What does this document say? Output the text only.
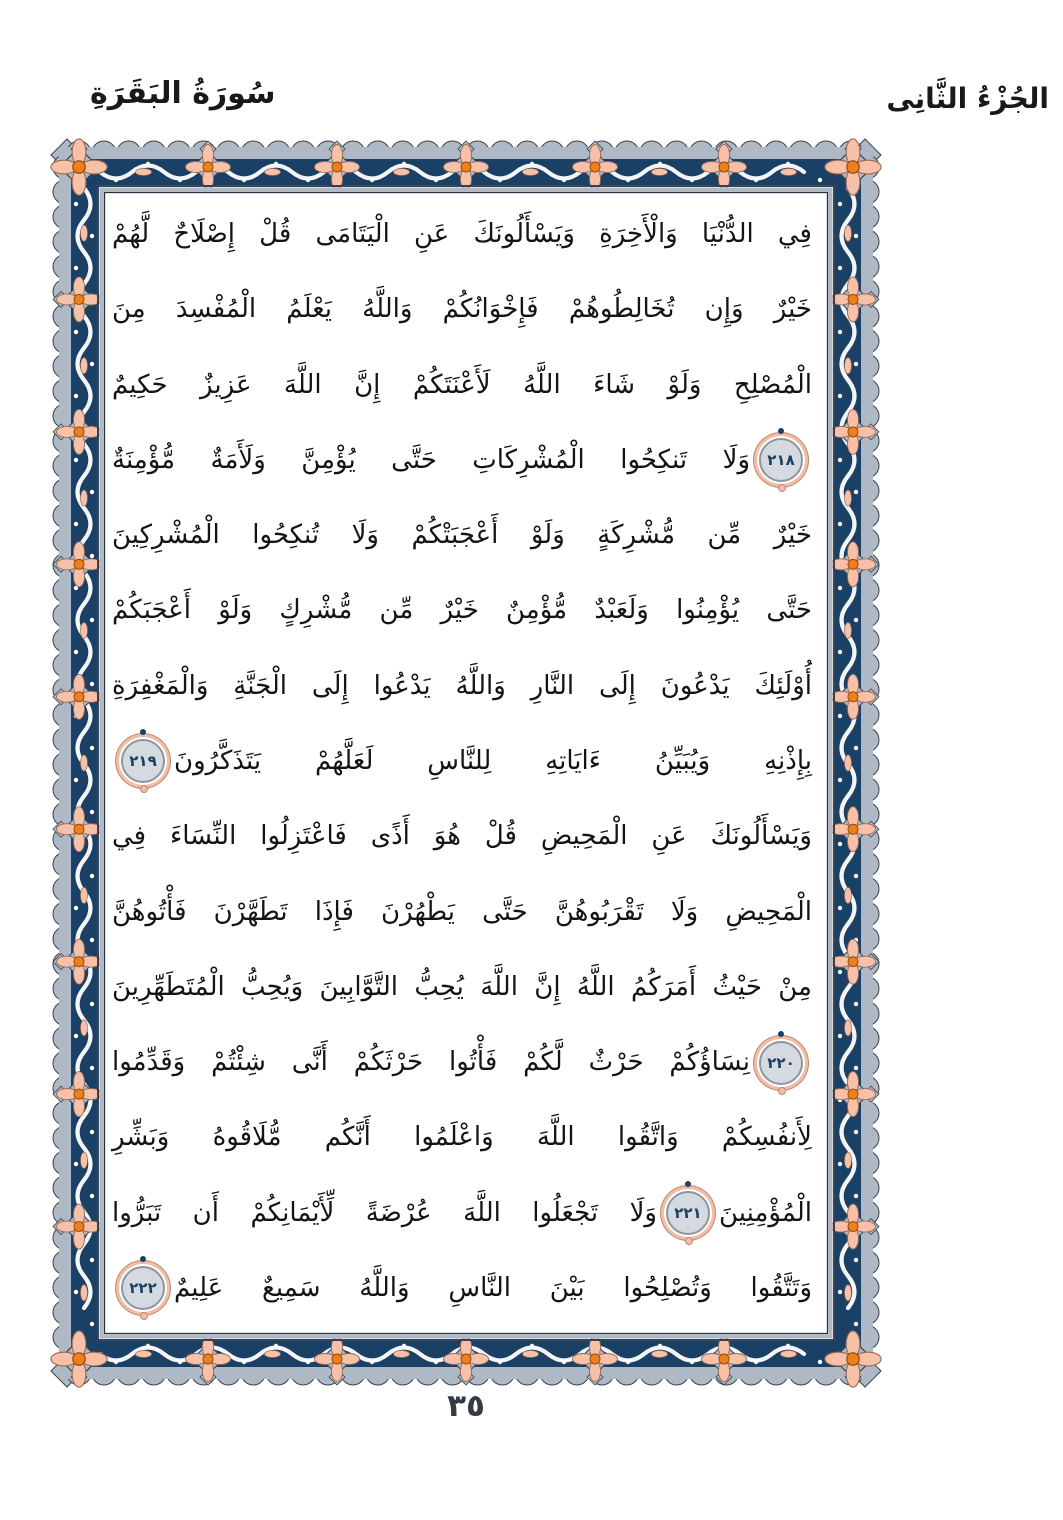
سُورَةُ البَقَرَةِ	الجُزْءُ الثَّانِى
فِي الدُّنْيَا وَالْأَخِرَةِ وَيَسْأَلُونَكَ عَنِ الْيَتَامَى قُلْ إِصْلَاحٌ لَّهُمْ
خَيْرٌ وَإِن تُخَالِطُوهُمْ فَإِخْوَانُكُمْ وَاللَّهُ يَعْلَمُ الْمُفْسِدَ مِنَ
الْمُصْلِحِ وَلَوْ شَاءَ اللَّهُ لَأَعْنَتَكُمْ إِنَّ اللَّهَ عَزِيزٌ حَكِيمٌ
٢١٨
وَلَا تَنكِحُوا الْمُشْرِكَاتِ حَتَّى يُؤْمِنَّ وَلَأَمَةٌ مُّؤْمِنَةٌ
خَيْرٌ مِّن مُّشْرِكَةٍ وَلَوْ أَعْجَبَتْكُمْ وَلَا تُنكِحُوا الْمُشْرِكِينَ
حَتَّى يُؤْمِنُوا وَلَعَبْدٌ مُّؤْمِنٌ خَيْرٌ مِّن مُّشْرِكٍ وَلَوْ أَعْجَبَكُمْ
أُوْلَئِكَ يَدْعُونَ إِلَى النَّارِ وَاللَّهُ يَدْعُوا إِلَى الْجَنَّةِ وَالْمَغْفِرَةِ
بِإِذْنِهِ وَيُبَيِّنُ ءَايَاتِهِ لِلنَّاسِ لَعَلَّهُمْ يَتَذَكَّرُونَ
٢١٩
وَيَسْأَلُونَكَ عَنِ الْمَحِيضِ قُلْ هُوَ أَذًى فَاعْتَزِلُوا النِّسَاءَ فِي
الْمَحِيضِ وَلَا تَقْرَبُوهُنَّ حَتَّى يَطْهُرْنَ فَإِذَا تَطَهَّرْنَ فَأْتُوهُنَّ
مِنْ حَيْثُ أَمَرَكُمُ اللَّهُ إِنَّ اللَّهَ يُحِبُّ التَّوَّابِينَ وَيُحِبُّ الْمُتَطَهِّرِينَ
٢٢٠
نِسَاؤُكُمْ حَرْثٌ لَّكُمْ فَأْتُوا حَرْثَكُمْ أَنَّى شِئْتُمْ وَقَدِّمُوا
لِأَنفُسِكُمْ وَاتَّقُوا اللَّهَ وَاعْلَمُوا أَنَّكُم مُّلَاقُوهُ وَبَشِّرِ
الْمُؤْمِنِينَ
٢٢١
وَلَا تَجْعَلُوا اللَّهَ عُرْضَةً لِّأَيْمَانِكُمْ أَن تَبَرُّوا
وَتَتَّقُوا وَتُصْلِحُوا بَيْنَ النَّاسِ وَاللَّهُ سَمِيعٌ عَلِيمٌ
٢٢٢
٣٥
